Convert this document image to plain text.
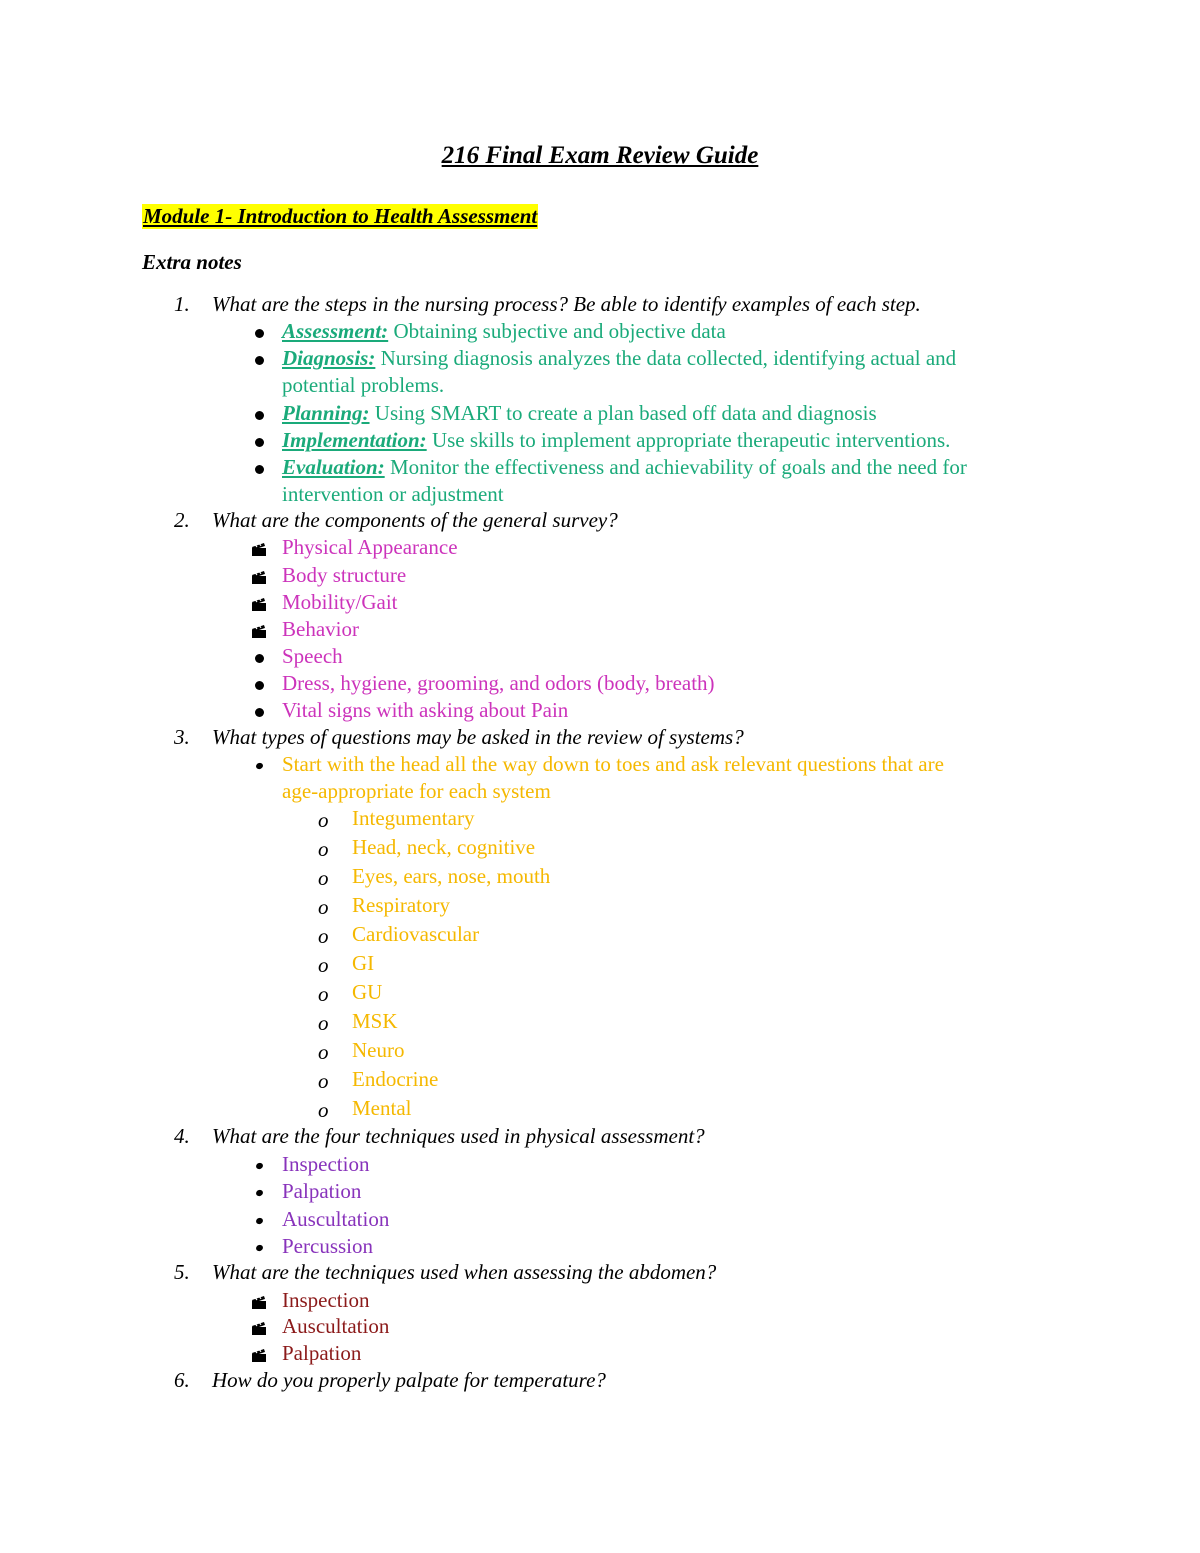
216 Final Exam Review Guide
Module 1- Introduction to Health Assessment
Extra notes
1. What are the steps in the nursing process? Be able to identify examples of each step.
Assessment: Obtaining subjective and objective data
Diagnosis: Nursing diagnosis analyzes the data collected, identifying actual and
potential problems.
Planning: Using SMART to create a plan based off data and diagnosis
Implementation: Use skills to implement appropriate therapeutic interventions.
Evaluation: Monitor the effectiveness and achievability of goals and the need for
intervention or adjustment
2. What are the components of the general survey?
Physical Appearance
Body structure
Mobility/Gait
Behavior
Speech
Dress, hygiene, grooming, and odors (body, breath)
Vital signs with asking about Pain
3. What types of questions may be asked in the review of systems?
Start with the head all the way down to toes and ask relevant questions that are
age-appropriate for each system
o Integumentary
o Head, neck, cognitive
o Eyes, ears, nose, mouth
o Respiratory
o Cardiovascular
o GI
o GU
o MSK
o Neuro
o Endocrine
o Mental
4. What are the four techniques used in physical assessment?
Inspection
Palpation
Auscultation
Percussion
5. What are the techniques used when assessing the abdomen?
Inspection
Auscultation
Palpation
6. How do you properly palpate for temperature?
